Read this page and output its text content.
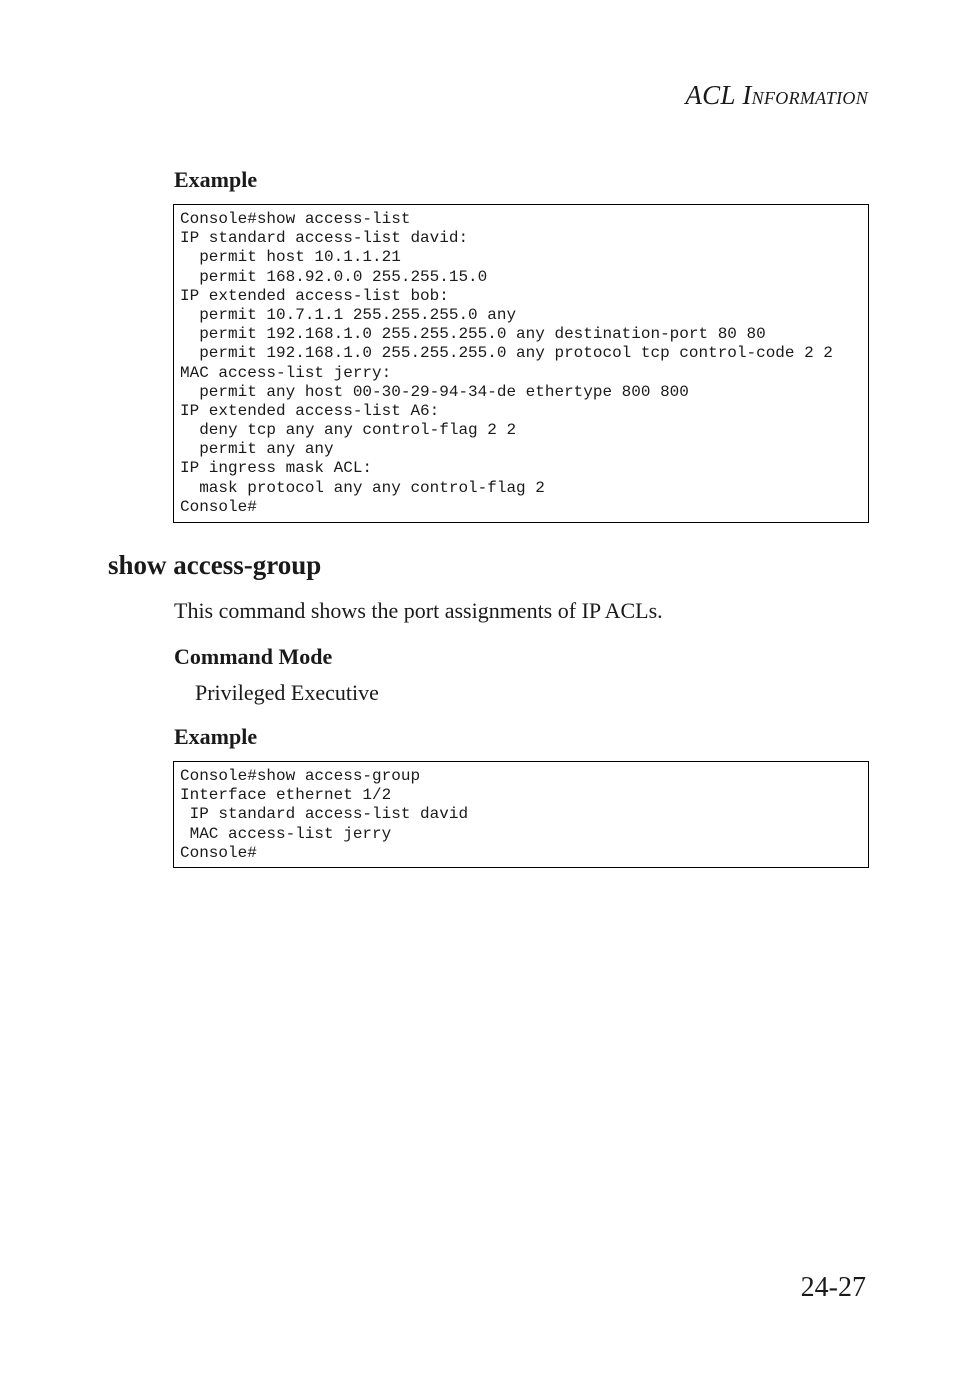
ACL INFORMATION
Example
Console#show access-list
IP standard access-list david:
permit host 10.1.1.21
permit 168.92.0.0 255.255.15.0
IP extended access-list bob:
permit 10.7.1.1 255.255.255.0 any
permit 192.168.1.0 255.255.255.0 any destination-port 80 80
permit 192.168.1.0 255.255.255.0 any protocol tcp control-code 2 2
MAC access-list jerry:
permit any host 00-30-29-94-34-de ethertype 800 800
IP extended access-list A6:
deny tcp any any control-flag 2 2
permit any any
IP ingress mask ACL:
mask protocol any any control-flag 2
Console#
show access-group
This command shows the port assignments of IP ACLs.
Command Mode
Privileged Executive
Example
Console#show access-group
Interface ethernet 1/2
IP standard access-list david
MAC access-list jerry
Console#
24-27
